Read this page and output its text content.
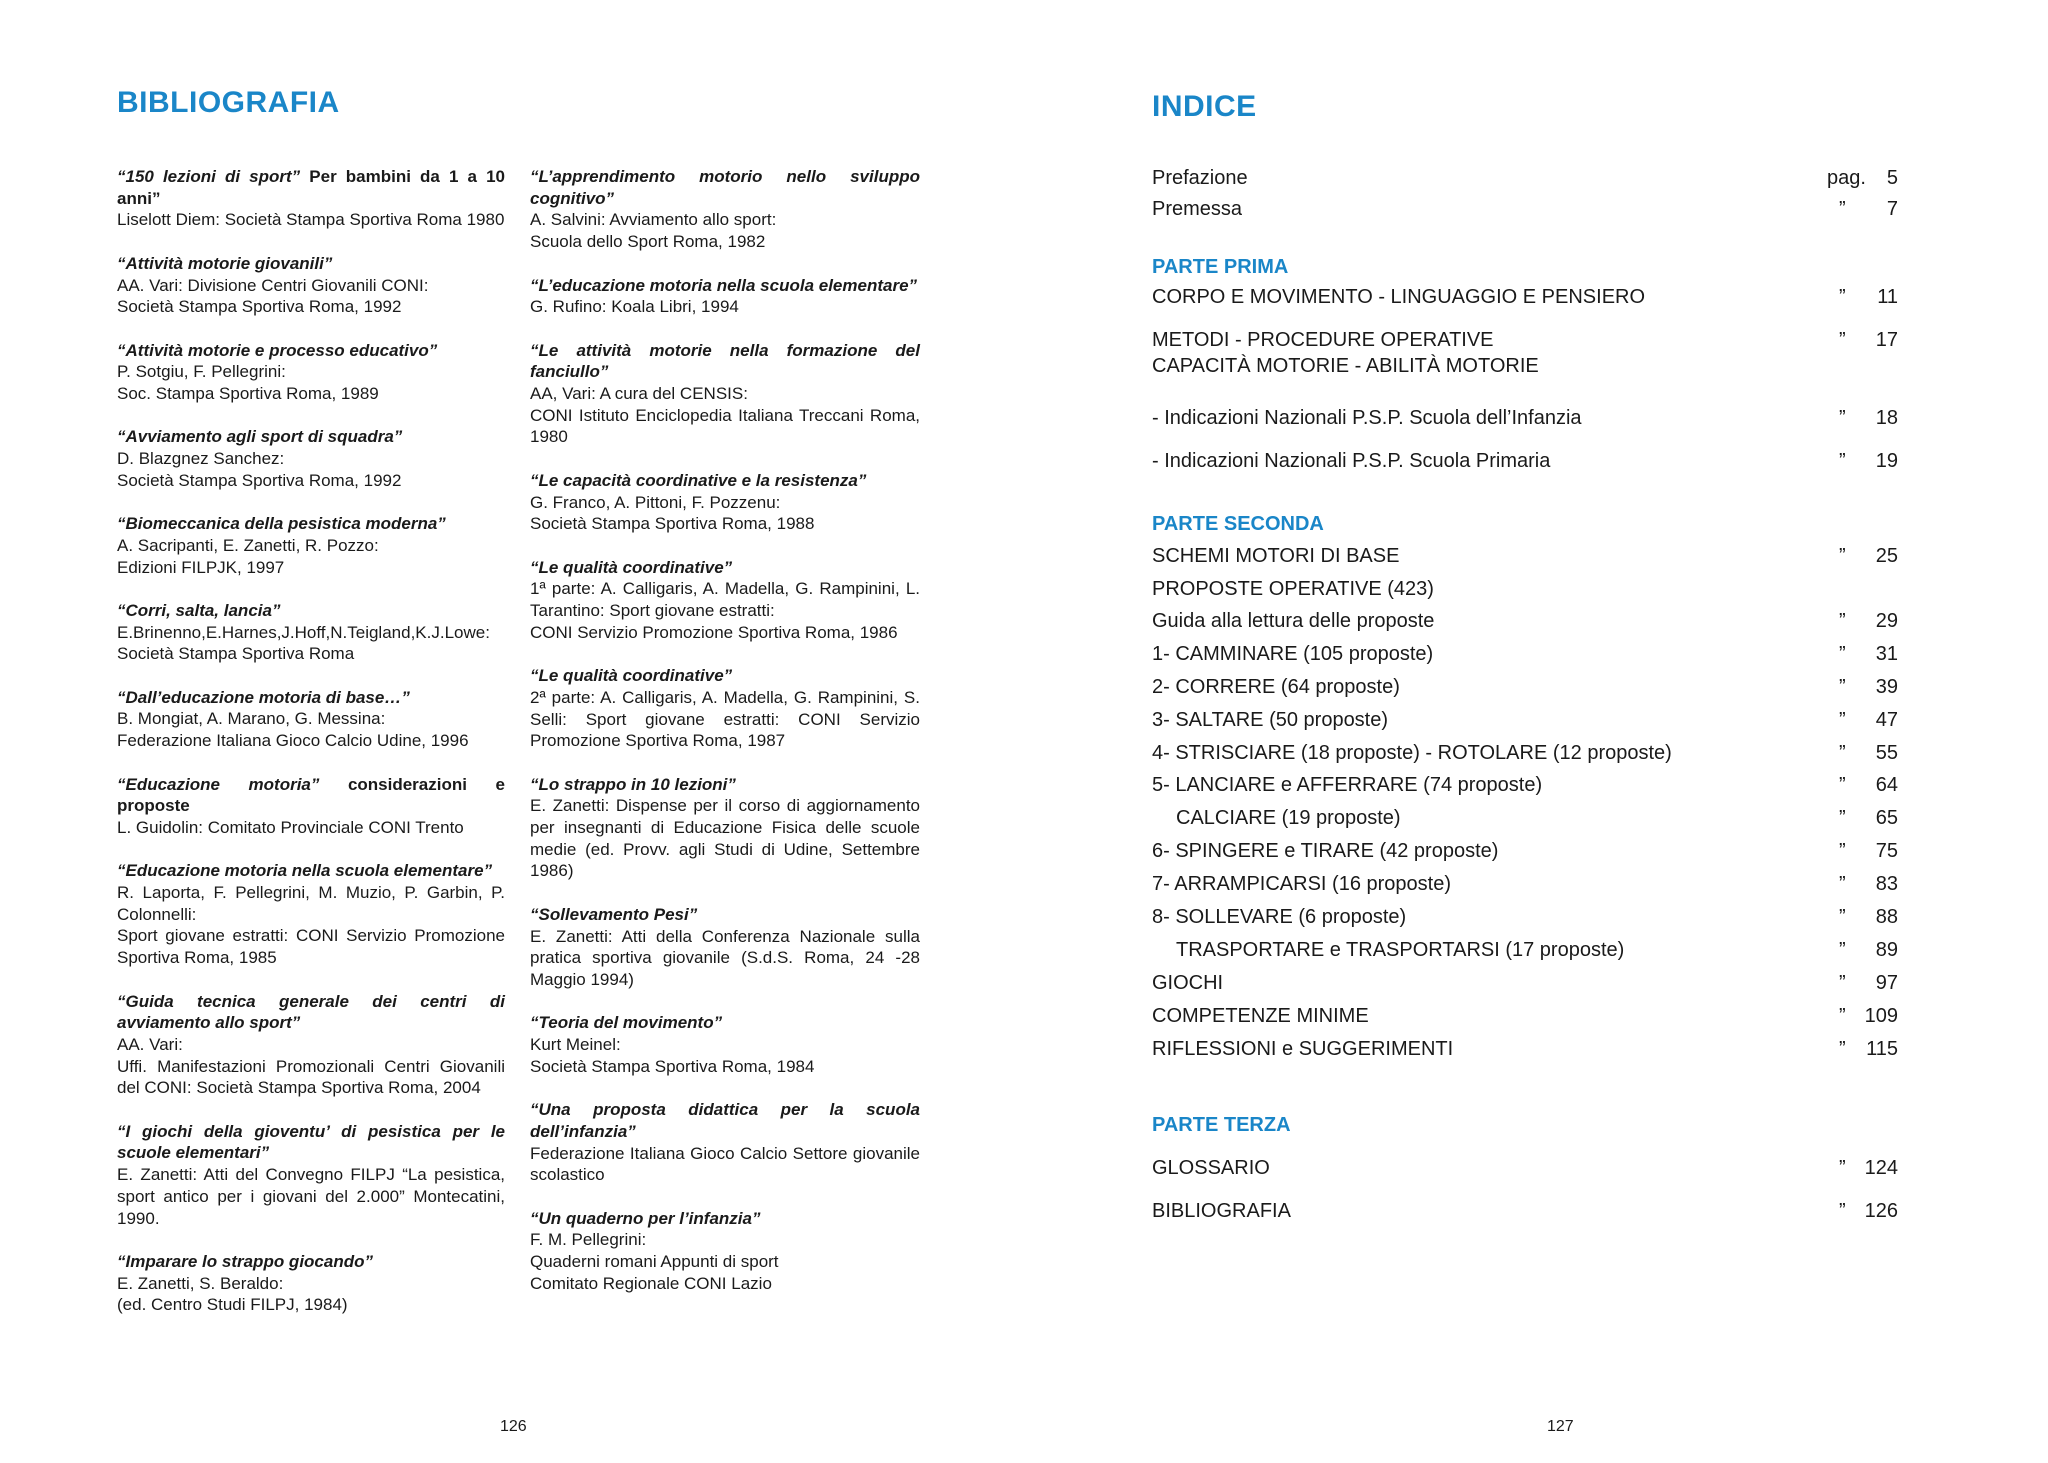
BIBLIOGRAFIA
“150 lezioni di sport” Per bambini da 1 a 10 anni”
Liselott Diem: Società Stampa Sportiva Roma 1980
“Attività motorie giovanili”
AA. Vari: Divisione Centri Giovanili CONI:
Società Stampa Sportiva Roma, 1992
“Attività motorie e processo educativo”
P. Sotgiu, F. Pellegrini:
Soc. Stampa Sportiva Roma, 1989
“Avviamento agli sport di squadra”
D. Blazgnez Sanchez:
Società Stampa Sportiva Roma, 1992
“Biomeccanica della pesistica moderna”
A. Sacripanti, E. Zanetti, R. Pozzo:
Edizioni FILPJK, 1997
“Corri, salta, lancia”
E.Brinenno,E.Harnes,J.Hoff,N.Teigland,K.J.Lowe:
Società Stampa Sportiva Roma
“Dall’educazione motoria di base…”
B. Mongiat, A. Marano, G. Messina:
Federazione Italiana Gioco Calcio Udine, 1996
“Educazione motoria” considerazioni e proposte
L. Guidolin: Comitato Provinciale CONI Trento
“Educazione motoria nella scuola elementare”
R. Laporta, F. Pellegrini, M. Muzio, P. Garbin, P. Colonnelli:
Sport giovane estratti: CONI Servizio Promozione Sportiva Roma, 1985
“Guida tecnica generale dei centri di avviamento allo sport”
AA. Vari:
Uffi. Manifestazioni Promozionali Centri Giovanili del CONI: Società Stampa Sportiva Roma, 2004
“I giochi della gioventu’ di pesistica per le scuole elementari”
E. Zanetti: Atti del Convegno FILPJ “La pesistica, sport antico per i giovani del 2.000” Montecatini, 1990.
“Imparare lo strappo giocando”
E. Zanetti, S. Beraldo:
(ed. Centro Studi FILPJ, 1984)
“L’apprendimento motorio nello sviluppo cognitivo”
A. Salvini: Avviamento allo sport:
Scuola dello Sport Roma, 1982
“L’educazione motoria nella scuola elementare”
G. Rufino: Koala Libri, 1994
“Le attività motorie nella formazione del fanciullo”
AA, Vari: A cura del CENSIS:
CONI Istituto Enciclopedia Italiana Treccani Roma, 1980
“Le capacità coordinative e la resistenza”
G. Franco, A. Pittoni, F. Pozzenu:
Società Stampa Sportiva Roma, 1988
“Le qualità coordinative”
1ª parte: A. Calligaris, A. Madella, G. Rampinini, L. Tarantino: Sport giovane estratti:
CONI Servizio Promozione Sportiva Roma, 1986
“Le qualità coordinative”
2ª parte: A. Calligaris, A. Madella, G. Rampinini, S. Selli: Sport giovane estratti: CONI Servizio Promozione Sportiva Roma, 1987
“Lo strappo in 10 lezioni”
E. Zanetti: Dispense per il corso di aggiornamento per insegnanti di Educazione Fisica delle scuole medie (ed. Provv. agli Studi di Udine, Settembre 1986)
“Sollevamento Pesi”
E. Zanetti: Atti della Conferenza Nazionale sulla pratica sportiva giovanile (S.d.S. Roma, 24 -28 Maggio 1994)
“Teoria del movimento”
Kurt Meinel:
Società Stampa Sportiva Roma, 1984
“Una proposta didattica per la scuola dell’infanzia”
Federazione Italiana Gioco Calcio Settore giovanile scolastico
“Un quaderno per l’infanzia”
F. M. Pellegrini:
Quaderni romani Appunti di sport
Comitato Regionale CONI Lazio
126
INDICE
127
Prefazione	pag. 5
Premessa	” 7
PARTE PRIMA
CORPO E MOVIMENTO - LINGUAGGIO E PENSIERO	” 11
METODI - PROCEDURE OPERATIVE	” 17
CAPACITÀ MOTORIE - ABILITÀ MOTORIE
- Indicazioni Nazionali P.S.P. Scuola dell’Infanzia	” 18
- Indicazioni Nazionali P.S.P. Scuola Primaria	” 19
PARTE SECONDA
SCHEMI MOTORI DI BASE	” 25
PROPOSTE OPERATIVE (423)
Guida alla lettura delle proposte	” 29
1- CAMMINARE (105 proposte)	” 31
2- CORRERE (64 proposte)	” 39
3- SALTARE (50 proposte)	” 47
4- STRISCIARE (18 proposte) - ROTOLARE (12 proposte)	” 55
5- LANCIARE e AFFERRARE (74 proposte)	” 64
CALCIARE (19 proposte)	” 65
6- SPINGERE e TIRARE (42 proposte)	” 75
7- ARRAMPICARSI (16 proposte)	” 83
8- SOLLEVARE (6 proposte)	” 88
TRASPORTARE e TRASPORTARSI (17 proposte)	” 89
GIOCHI	” 97
COMPETENZE MINIME	” 109
RIFLESSIONI e SUGGERIMENTI	” 115
PARTE TERZA
GLOSSARIO	” 124
BIBLIOGRAFIA	” 126
